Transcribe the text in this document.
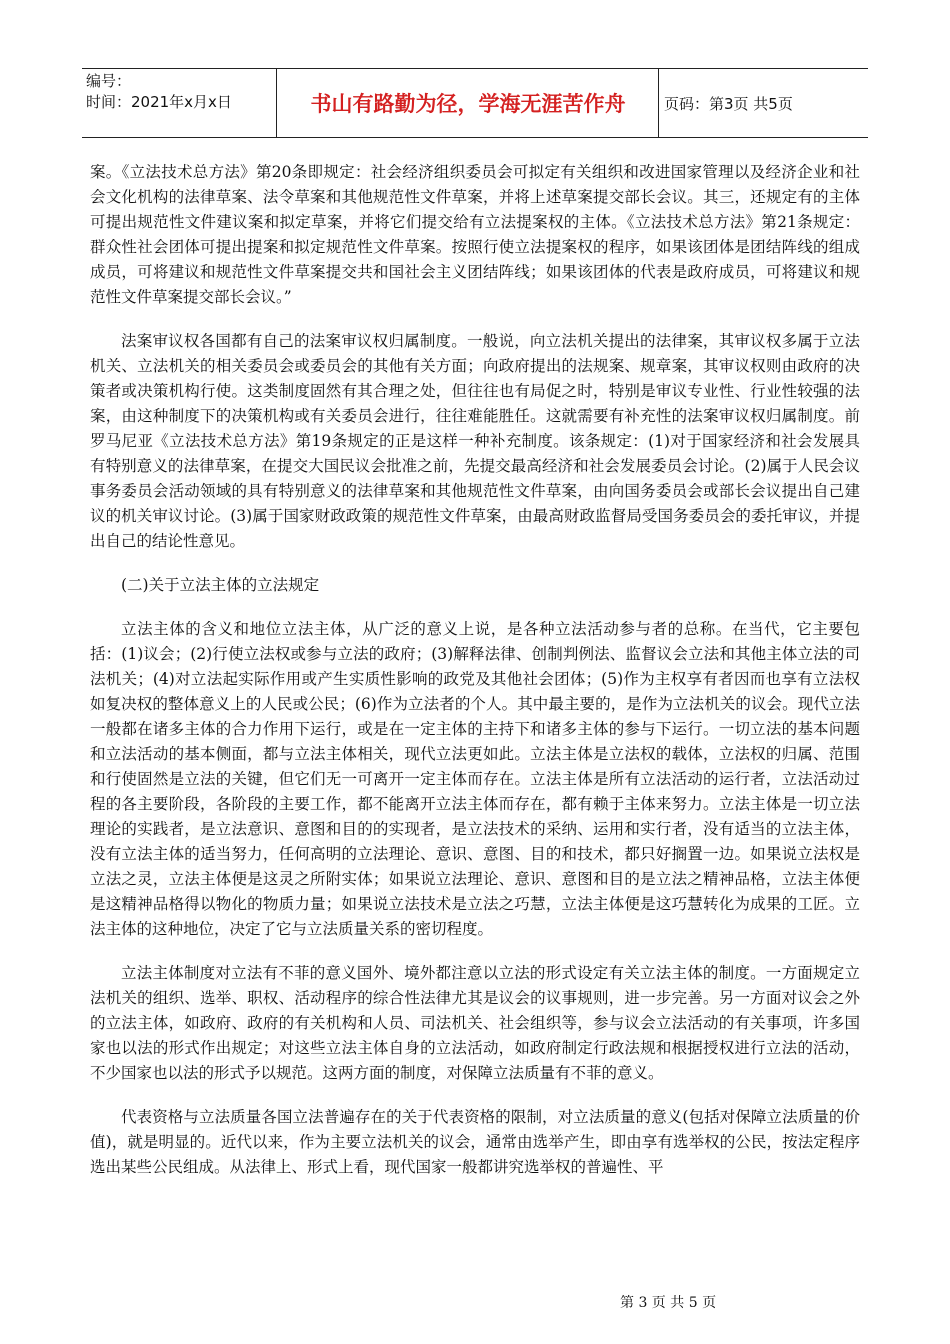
编号：
时间：2021年x月x日	书山有路勤为径，学海无涯苦作舟	页码：第3页 共5页

案。《立法技术总方法》第20条即规定：社会经济组织委员会可拟定有关组织和改进国家管理以及经济企业和社会文化机构的法律草案、法令草案和其他规范性文件草案，并将上述草案提交部长会议。其三，还规定有的主体可提出规范性文件建议案和拟定草案，并将它们提交给有立法提案权的主体。《立法技术总方法》第21条规定：群众性社会团体可提出提案和拟定规范性文件草案。按照行使立法提案权的程序，如果该团体是团结阵线的组成成员，可将建议和规范性文件草案提交共和国社会主义团结阵线；如果该团体的代表是政府成员，可将建议和规范性文件草案提交部长会议。”

法案审议权各国都有自己的法案审议权归属制度。一般说，向立法机关提出的法律案，其审议权多属于立法机关、立法机关的相关委员会或委员会的其他有关方面；向政府提出的法规案、规章案，其审议权则由政府的决策者或决策机构行使。这类制度固然有其合理之处，但往往也有局促之时，特别是审议专业性、行业性较强的法案，由这种制度下的决策机构或有关委员会进行，往往难能胜任。这就需要有补充性的法案审议权归属制度。前罗马尼亚《立法技术总方法》第19条规定的正是这样一种补充制度。该条规定：(1)对于国家经济和社会发展具有特别意义的法律草案，在提交大国民议会批准之前，先提交最高经济和社会发展委员会讨论。(2)属于人民会议事务委员会活动领域的具有特别意义的法律草案和其他规范性文件草案，由向国务委员会或部长会议提出自己建议的机关审议讨论。(3)属于国家财政政策的规范性文件草案，由最高财政监督局受国务委员会的委托审议，并提出自己的结论性意见。

(二)关于立法主体的立法规定

立法主体的含义和地位立法主体，从广泛的意义上说，是各种立法活动参与者的总称。在当代，它主要包括：(1)议会；(2)行使立法权或参与立法的政府；(3)解释法律、创制判例法、监督议会立法和其他主体立法的司法机关；(4)对立法起实际作用或产生实质性影响的政党及其他社会团体；(5)作为主权享有者因而也享有立法权如复决权的整体意义上的人民或公民；(6)作为立法者的个人。其中最主要的，是作为立法机关的议会。现代立法一般都在诸多主体的合力作用下运行，或是在一定主体的主持下和诸多主体的参与下运行。一切立法的基本问题和立法活动的基本侧面，都与立法主体相关，现代立法更如此。立法主体是立法权的载体，立法权的归属、范围和行使固然是立法的关键，但它们无一可离开一定主体而存在。立法主体是所有立法活动的运行者，立法活动过程的各主要阶段，各阶段的主要工作，都不能离开立法主体而存在，都有赖于主体来努力。立法主体是一切立法理论的实践者，是立法意识、意图和目的的实现者，是立法技术的采纳、运用和实行者，没有适当的立法主体，没有立法主体的适当努力，任何高明的立法理论、意识、意图、目的和技术，都只好搁置一边。如果说立法权是立法之灵，立法主体便是这灵之所附实体；如果说立法理论、意识、意图和目的是立法之精神品格，立法主体便是这精神品格得以物化的物质力量；如果说立法技术是立法之巧慧，立法主体便是这巧慧转化为成果的工匠。立法主体的这种地位，决定了它与立法质量关系的密切程度。

立法主体制度对立法有不菲的意义国外、境外都注意以立法的形式设定有关立法主体的制度。一方面规定立法机关的组织、选举、职权、活动程序的综合性法律尤其是议会的议事规则，进一步完善。另一方面对议会之外的立法主体，如政府、政府的有关机构和人员、司法机关、社会组织等，参与议会立法活动的有关事项，许多国家也以法的形式作出规定；对这些立法主体自身的立法活动，如政府制定行政法规和根据授权进行立法的活动，不少国家也以法的形式予以规范。这两方面的制度，对保障立法质量有不菲的意义。

代表资格与立法质量各国立法普遍存在的关于代表资格的限制，对立法质量的意义(包括对保障立法质量的价值)，就是明显的。近代以来，作为主要立法机关的议会，通常由选举产生，即由享有选举权的公民，按法定程序选出某些公民组成。从法律上、形式上看，现代国家一般都讲究选举权的普遍性、平

第 3 页 共 5 页
